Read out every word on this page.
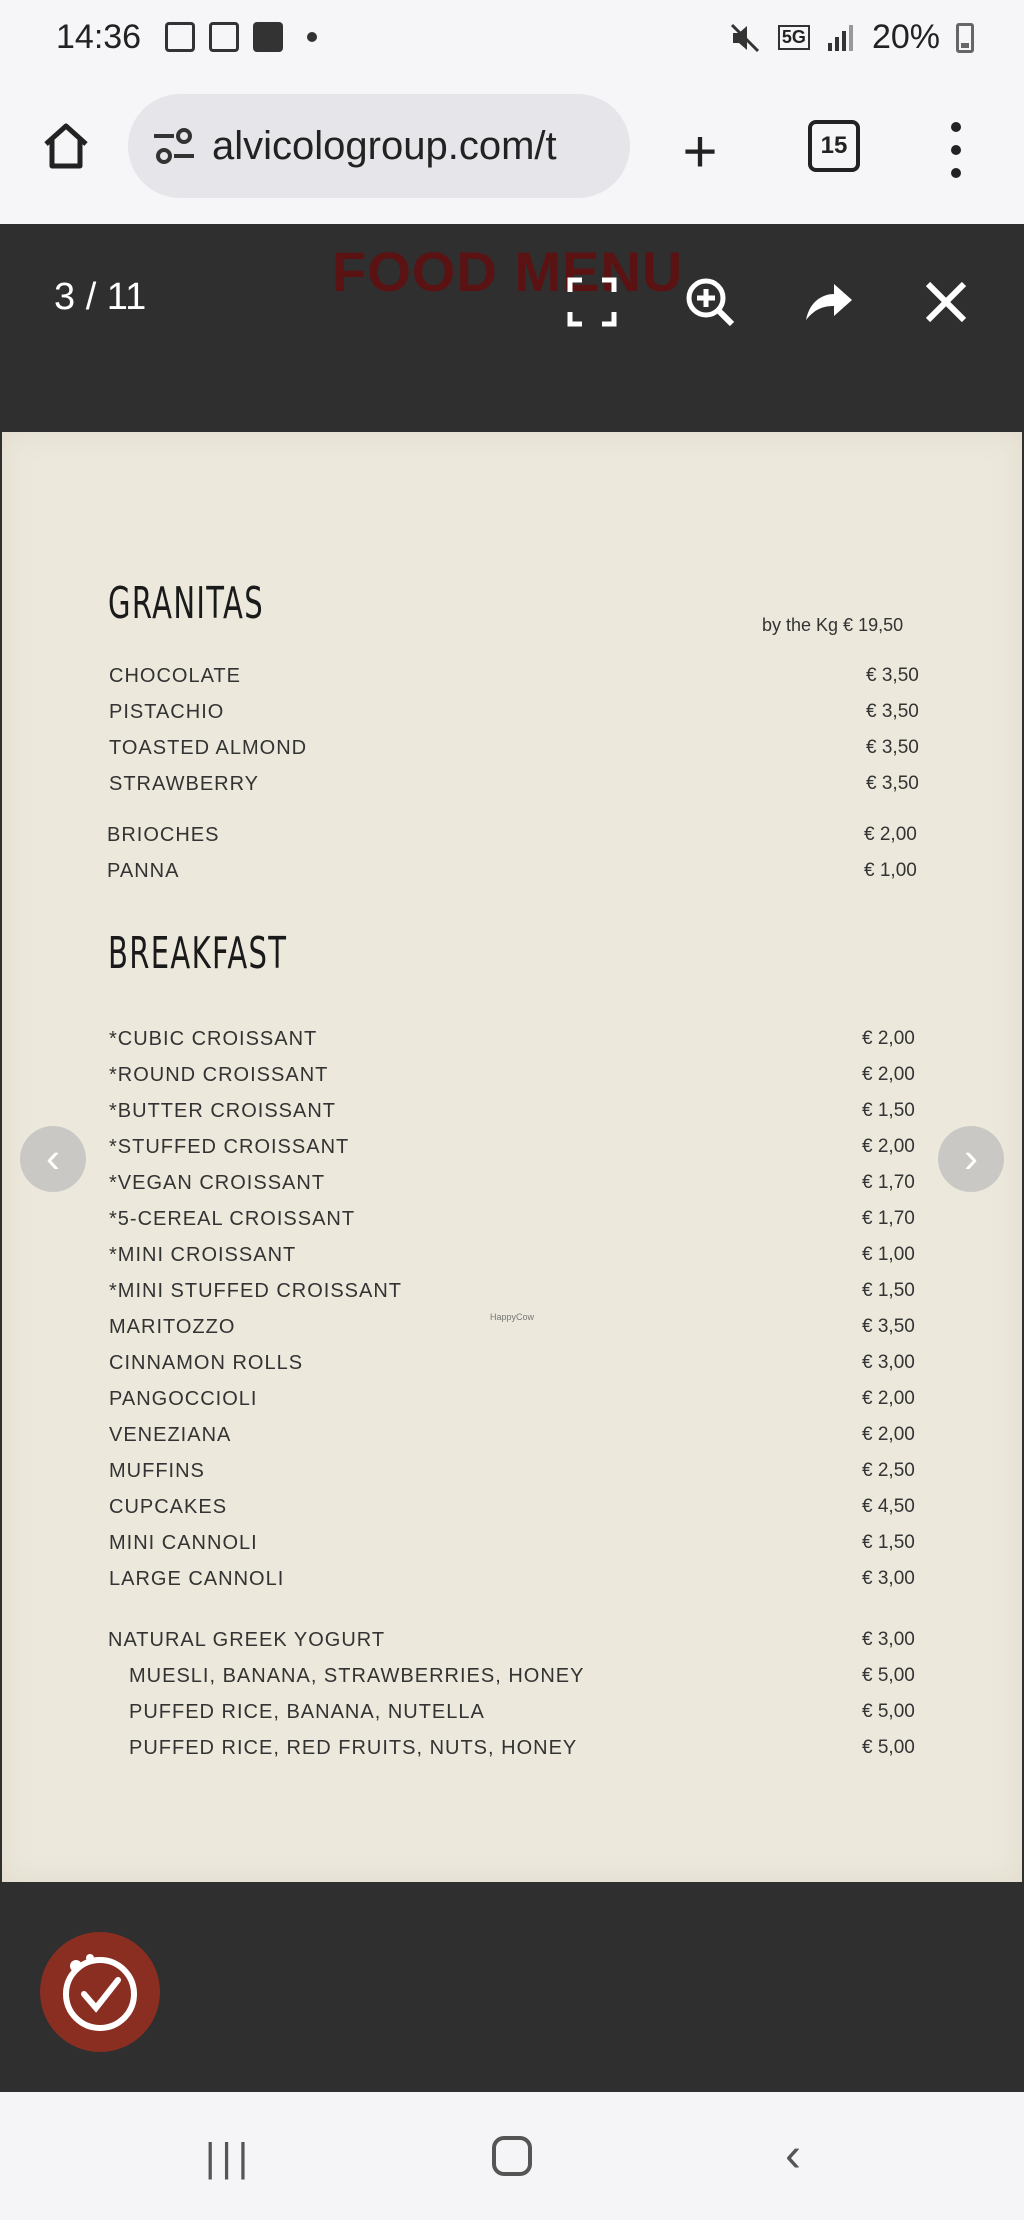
14:36	5G 20%
alvicologroup.com/t	+	15
FOOD MENU
3 / 11
GRANITAS	by the Kg € 19,50
CHOCOLATE	€ 3,50
PISTACHIO	€ 3,50
TOASTED ALMOND	€ 3,50
STRAWBERRY	€ 3,50
BRIOCHES	€ 2,00
PANNA	€ 1,00
BREAKFAST
*CUBIC CROISSANT	€ 2,00
*ROUND CROISSANT	€ 2,00
*BUTTER CROISSANT	€ 1,50
*STUFFED CROISSANT	€ 2,00
*VEGAN CROISSANT	€ 1,70
*5-CEREAL CROISSANT	€ 1,70
*MINI CROISSANT	€ 1,00
*MINI STUFFED CROISSANT	€ 1,50
MARITOZZO	€ 3,50
CINNAMON ROLLS	€ 3,00
PANGOCCIOLI	€ 2,00
VENEZIANA	€ 2,00
MUFFINS	€ 2,50
CUPCAKES	€ 4,50
MINI CANNOLI	€ 1,50
LARGE CANNOLI	€ 3,00
NATURAL GREEK YOGURT	€ 3,00
MUESLI, BANANA, STRAWBERRIES, HONEY	€ 5,00
PUFFED RICE, BANANA, NUTELLA	€ 5,00
PUFFED RICE, RED FRUITS, NUTS, HONEY	€ 5,00
HappyCow
‹	›
|||	‹
